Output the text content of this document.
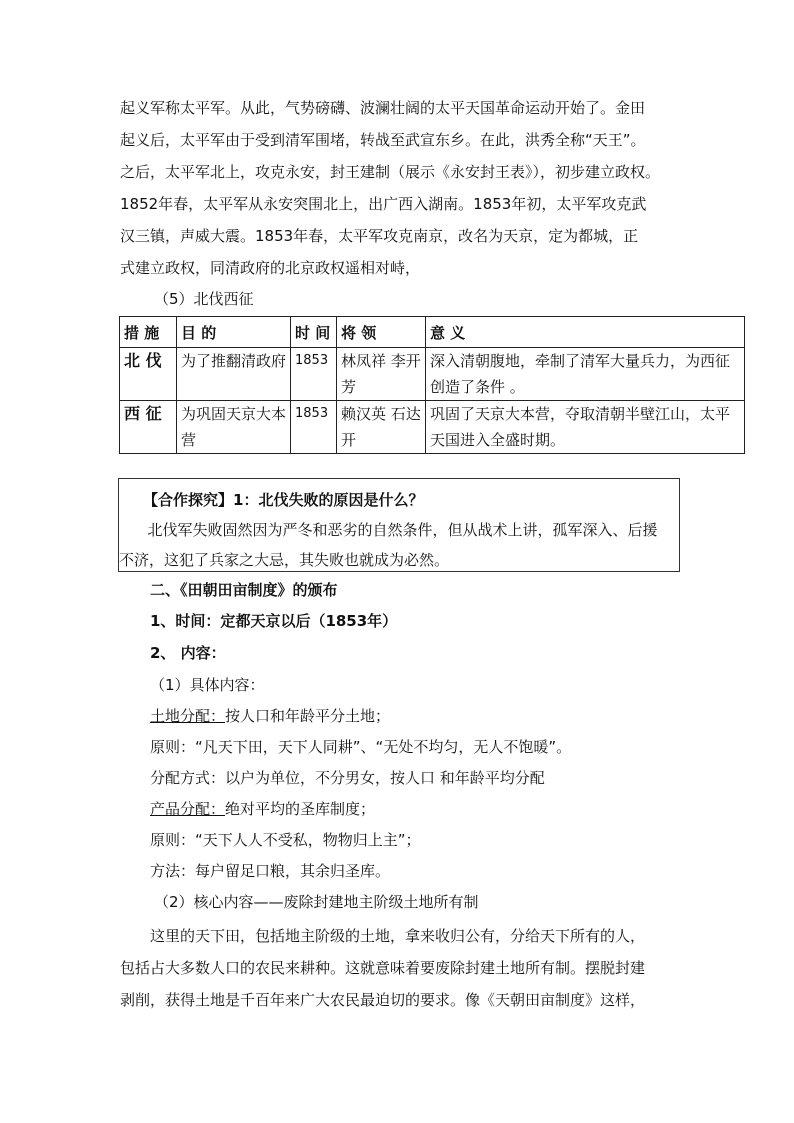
起义军称太平军。从此，气势磅礴、波澜壮阔的太平天国革命运动开始了。金田
起义后，太平军由于受到清军围堵，转战至武宣东乡。在此，洪秀全称“天王”。
之后，太平军北上，攻克永安，封王建制（展示《永安封王表》），初步建立政权。
1852年春，太平军从永安突围北上，出广西入湖南。1853年初，太平军攻克武
汉三镇，声威大震。1853年春，太平军攻克南京，改名为天京，定为都城，正
式建立政权，同清政府的北京政权遥相对峙，
（5）北伐西征
措 施	目 的	时 间	将 领	意 义
北 伐	为了推翻清政府	1853	林凤祥 李开芳	深入清朝腹地，牵制了清军大量兵力，为西征创造了条件 。
西 征	为巩固天京大本营	1853	赖汉英 石达开	巩固了天京大本营，夺取清朝半壁江山，太平天国进入全盛时期。
【合作探究】1：北伐失败的原因是什么？
北伐军失败固然因为严冬和恶劣的自然条件，但从战术上讲，孤军深入、后援不济，这犯了兵家之大忌，其失败也就成为必然。
二、《田朝田亩制度》的颁布
1、时间：定都天京以后（1853年）
2、 内容：
（1）具体内容：
土地分配：按人口和年龄平分土地；
原则：“凡天下田，天下人同耕”、“无处不均匀，无人不饱暖”。
分配方式：以户为单位，不分男女，按人口 和年龄平均分配
产品分配：绝对平均的圣库制度；
原则：“天下人人不受私，物物归上主”；
方法：每户留足口粮，其余归圣库。
（2）核心内容——废除封建地主阶级土地所有制
这里的天下田，包括地主阶级的土地，拿来收归公有，分给天下所有的人，
包括占大多数人口的农民来耕种。这就意味着要废除封建土地所有制。摆脱封建
剥削，获得土地是千百年来广大农民最迫切的要求。像《天朝田亩制度》这样，
